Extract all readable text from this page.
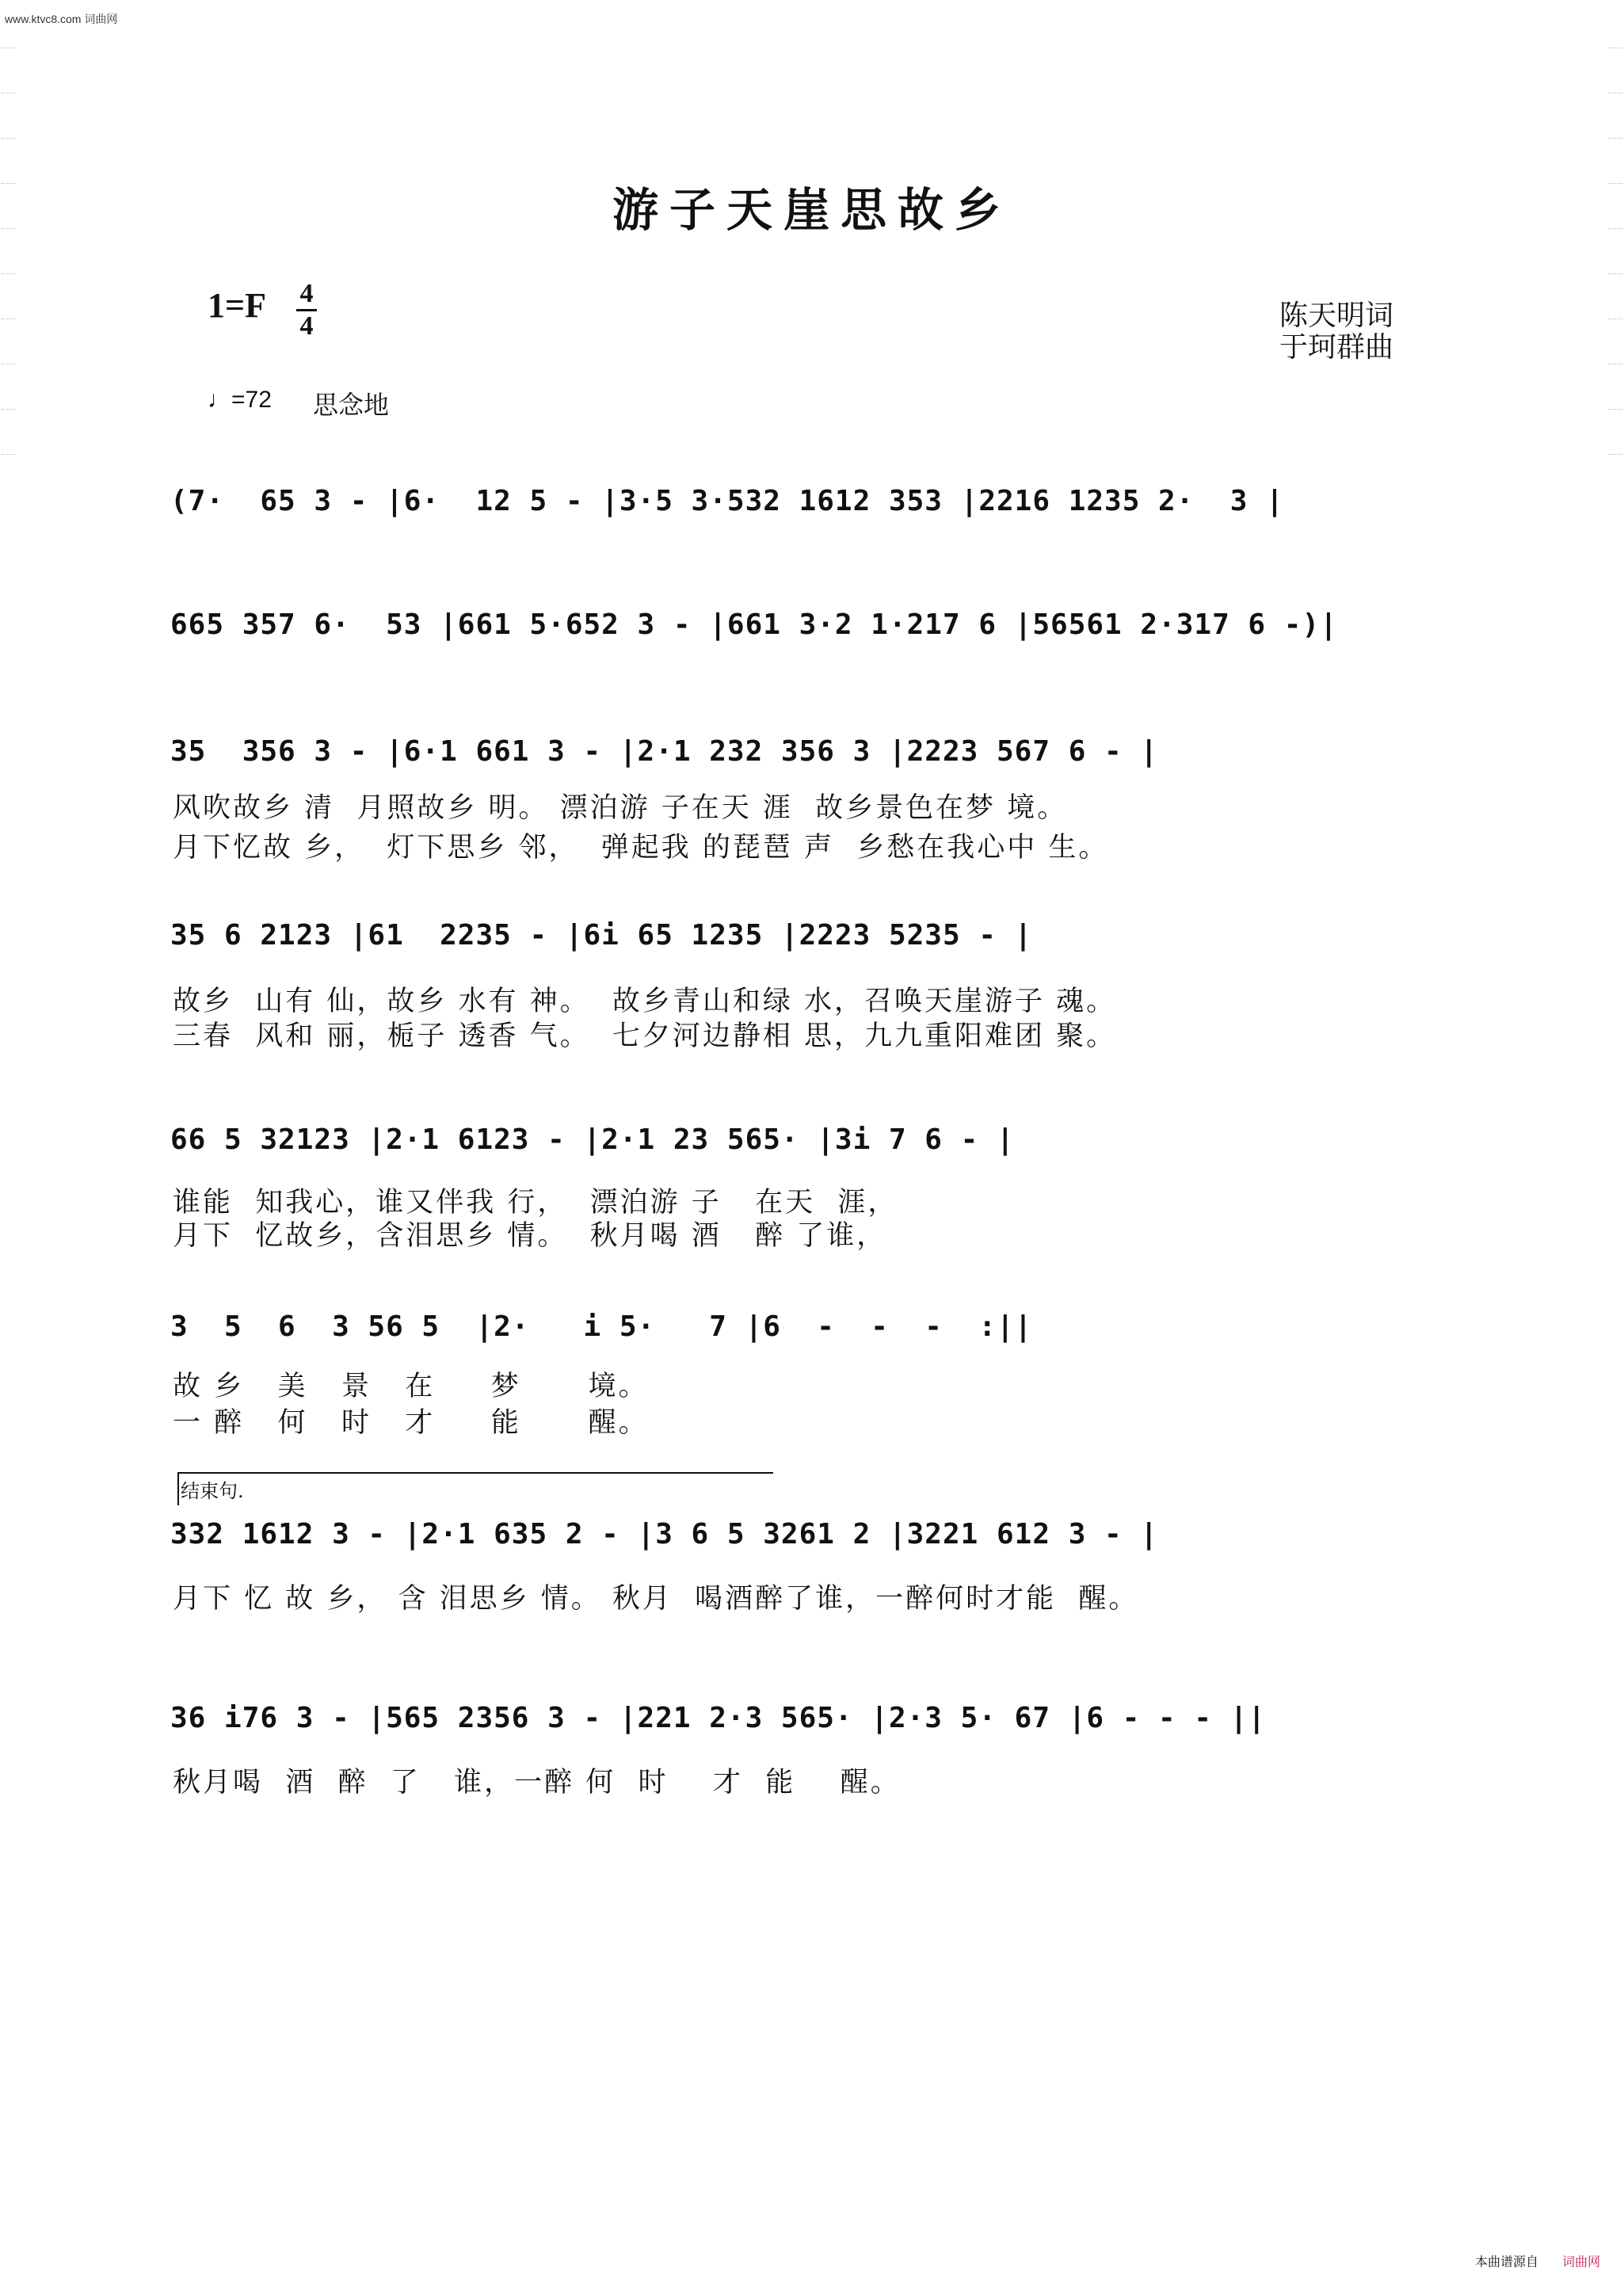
www.ktvc8.com 词曲网
游子天崖思故乡
1=F 4
4	陈天明词
于珂群曲
♩=72 思念地
(7·  65 3 - |6·  12 5 - |3·5 3·532 1612 353 |2216 1235 2·  3 |
665 357 6·  53 |661 5·652 3 - |661 3·2 1·217 6 |56561 2·317 6 -)|
35  356 3 - |6·1 661 3 - |2·1 232 356 3 |2223 567 6 - |
风吹故乡 清  月照故乡 明。 漂泊游 子在天 涯  故乡景色在梦 境。
月下忆故 乡，  灯下思乡 邻，  弹起我 的琵琶 声  乡愁在我心中 生。
35 6 2123 |61  2235 - |6i 65 1235 |2223 5235 - |
故乡  山有 仙，故乡 水有 神。  故乡青山和绿 水，召唤天崖游子 魂。
三春  风和 丽，栀子 透香 气。  七夕河边静相 思，九九重阳难团 聚。
66 5 32123 |2·1 6123 - |2·1 23 565· |3i 7 6 - |
谁能  知我心，谁又伴我 行，  漂泊游 子   在天  涯，
月下  忆故乡，含泪思乡 情。  秋月喝 酒   醉 了谁，
3  5  6  3 56 5  |2·   i 5·   7 |6  -  -  -  :||
故 乡   美   景   在     梦      境。
一 醉   何   时   才     能      醒。
结束句.
332 1612 3 - |2·1 635 2 - |3 6 5 3261 2 |3221 612 3 - |
月下 忆 故 乡， 含 泪思乡 情。 秋月  喝酒醉了谁，一醉何时才能  醒。
36 i76 3 - |565 2356 3 - |221 2·3 565· |2·3 5· 67 |6 - - - ||
秋月喝  酒  醉  了   谁，一醉 何  时    才  能    醒。
本曲谱源自 词曲网
